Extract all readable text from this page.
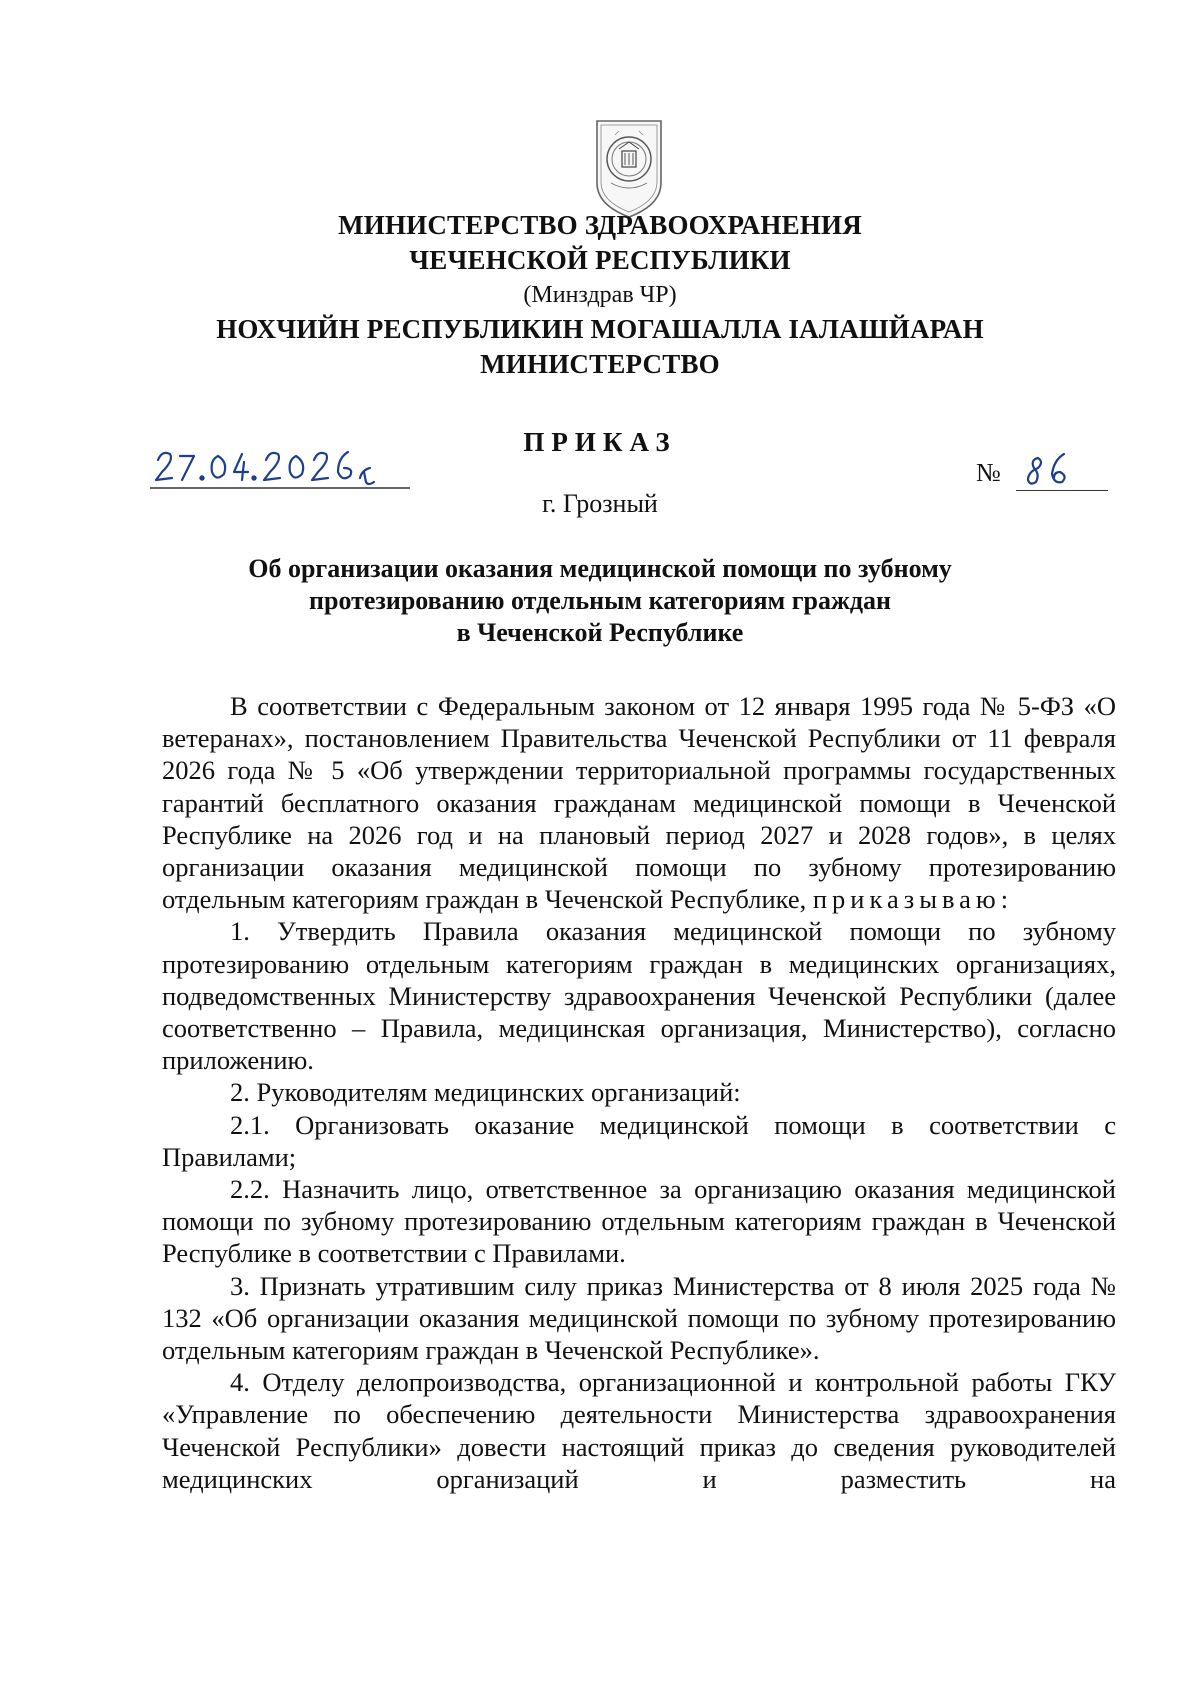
МИНИСТЕРСТВО ЗДРАВООХРАНЕНИЯ
ЧЕЧЕНСКОЙ РЕСПУБЛИКИ
(Минздрав ЧР)
НОХЧИЙН РЕСПУБЛИКИН МОГАШАЛЛА ІАЛАШЙАРАН
МИНИСТЕРСТВО
ПРИКАЗ
№
г. Грозный
Об организации оказания медицинской помощи по зубному
протезированию отдельным категориям граждан
в Чеченской Республике

В соответствии с Федеральным законом от 12 января 1995 года № 5-ФЗ «О ветеранах», постановлением Правительства Чеченской Республики от 11 февраля 2026 года № 5 «Об утверждении территориальной программы государственных гарантий бесплатного оказания гражданам медицинской помощи в Чеченской Республике на 2026 год и на плановый период 2027 и 2028 годов», в целях организации оказания медицинской помощи по зубному протезированию отдельным категориям граждан в Чеченской Республике, приказываю:

1. Утвердить Правила оказания медицинской помощи по зубному протезированию отдельным категориям граждан в медицинских организациях, подведомственных Министерству здравоохранения Чеченской Республики (далее соответственно – Правила, медицинская организация, Министерство), согласно приложению.

2. Руководителям медицинских организаций:

2.1. Организовать оказание медицинской помощи в соответствии с Правилами;

2.2. Назначить лицо, ответственное за организацию оказания медицинской помощи по зубному протезированию отдельным категориям граждан в Чеченской Республике в соответствии с Правилами.

3. Признать утратившим силу приказ Министерства от 8 июля 2025 года № 132 «Об организации оказания медицинской помощи по зубному протезированию отдельным категориям граждан в Чеченской Республике».

4. Отделу делопроизводства, организационной и контрольной работы ГКУ «Управление по обеспечению деятельности Министерства здравоохранения Чеченской Республики» довести настоящий приказ до сведения руководителей медицинских организаций и разместить на
